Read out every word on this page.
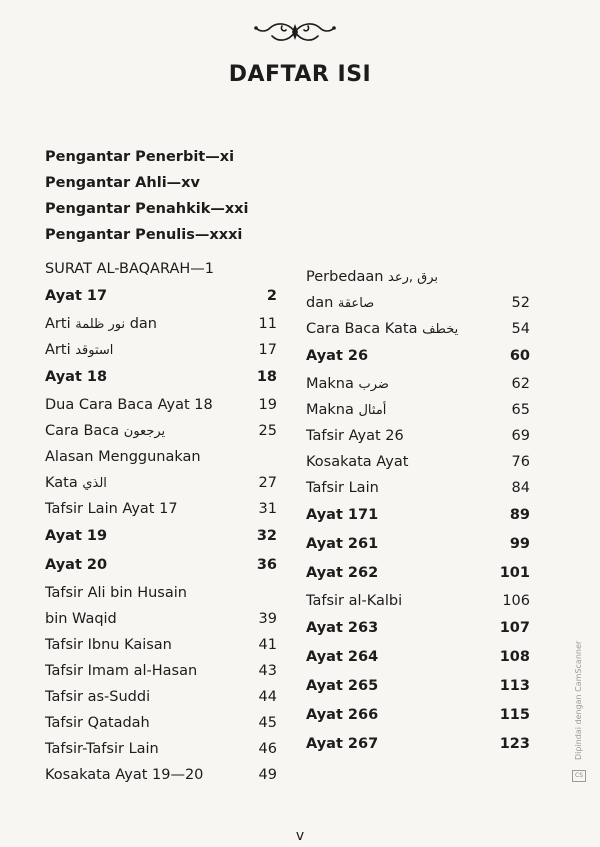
DAFTAR ISI
Pengantar Penerbit—xi
Pengantar Ahli—xv
Pengantar Penahkik—xxi
Pengantar Penulis—xxxi
SURAT AL-BAQARAH—1
Ayat 17	2
Arti نور ظلمة dan	11
Arti استوقد	17
Ayat 18	18
Dua Cara Baca Ayat 18	19
Cara Baca يرجعون	25
Alasan Menggunakan
Kata الذي	27
Tafsir Lain Ayat 17	31
Ayat 19	32
Ayat 20	36
Tafsir Ali bin Husain
bin Waqid	39
Tafsir Ibnu Kaisan	41
Tafsir Imam al-Hasan	43
Tafsir as-Suddi	44
Tafsir Qatadah	45
Tafsir-Tafsir Lain	46
Kosakata Ayat 19—20	49
Perbedaan برق ,رعد
dan صاعقة	52
Cara Baca Kata يخطف	54
Ayat 26	60
Makna ضرب	62
Makna أمثال	65
Tafsir Ayat 26	69
Kosakata Ayat	76
Tafsir Lain	84
Ayat 171	89
Ayat 261	99
Ayat 262	101
Tafsir al-Kalbi	106
Ayat 263	107
Ayat 264	108
Ayat 265	113
Ayat 266	115
Ayat 267	123
v
CS
Dipindai dengan CamScanner
